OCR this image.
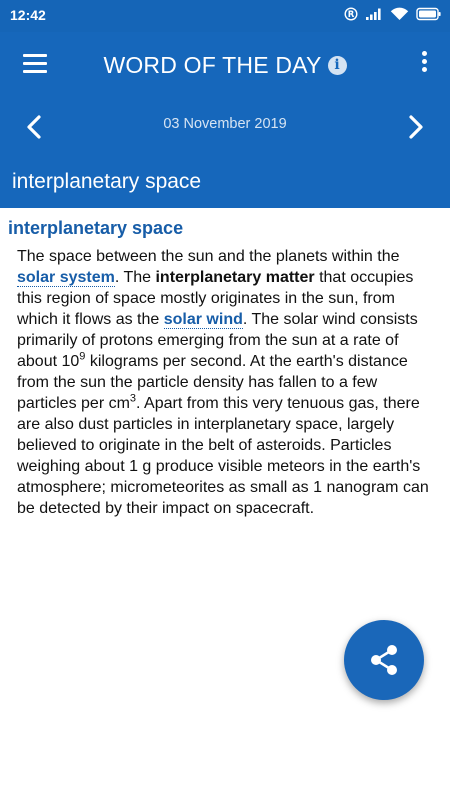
12:42	R
WORD OF THE DAY i
03 November 2019
interplanetary space
interplanetary space
The space between the sun and the planets within the solar system. The interplanetary matter that occupies this region of space mostly originates in the sun, from which it flows as the solar wind. The solar wind consists primarily of protons emerging from the sun at a rate of about $10^9$ kilograms per second. At the earth's distance from the sun the particle density has fallen to a few particles per $cm^3$. Apart from this very tenuous gas, there are also dust particles in interplanetary space, largely believed to originate in the belt of asteroids. Particles weighing about 1 g produce visible meteors in the earth's atmosphere; micrometeorites as small as 1 nanogram can be detected by their impact on spacecraft.
